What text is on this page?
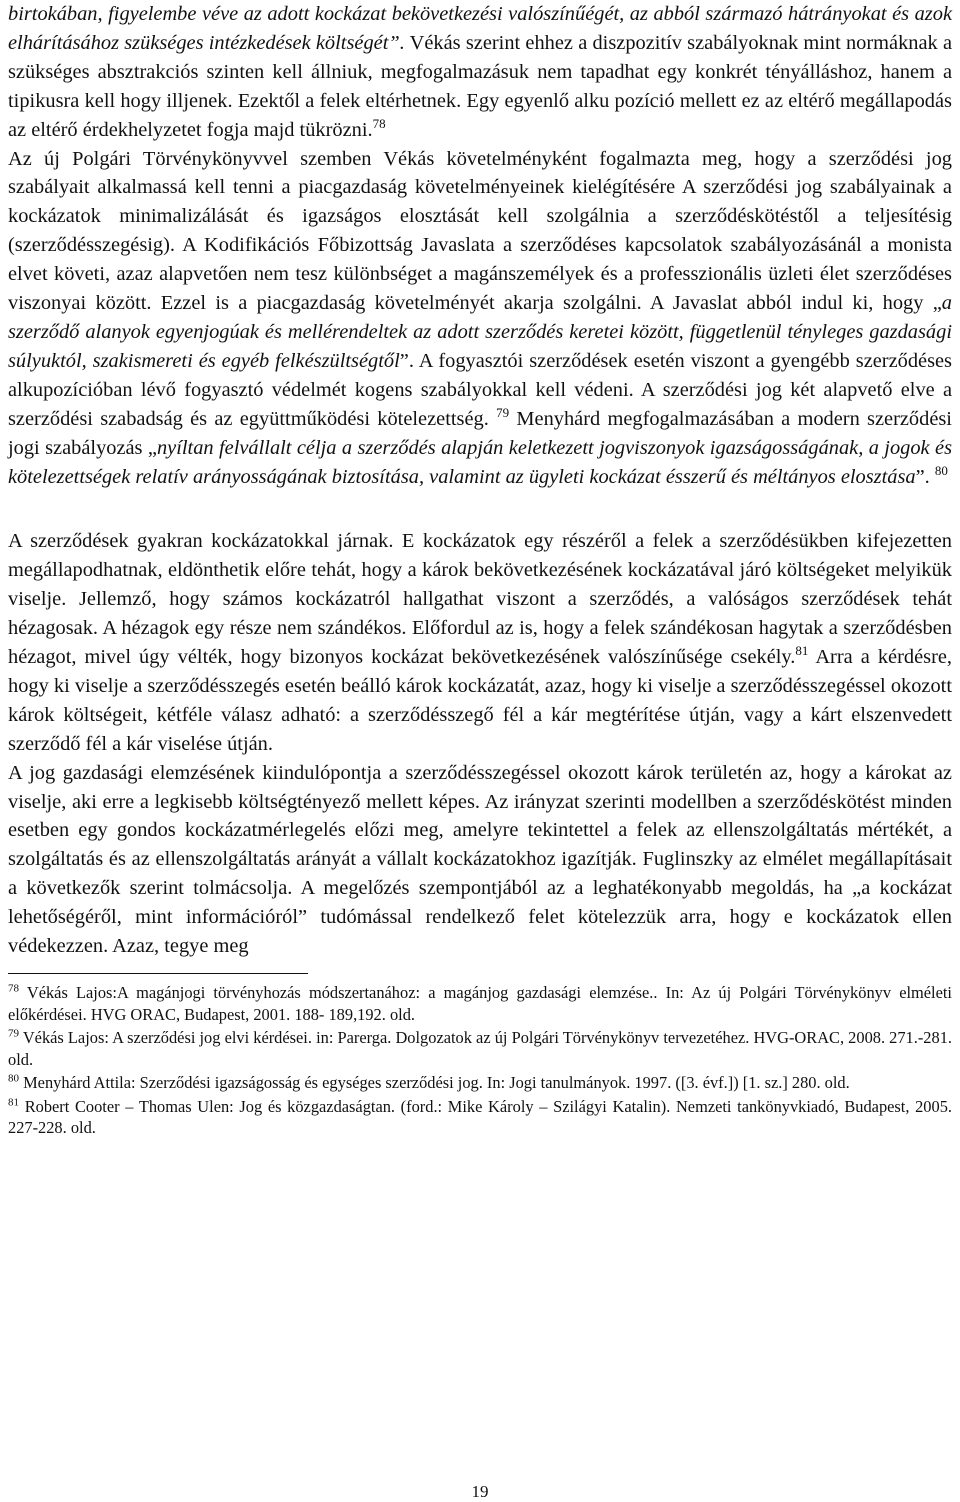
birtokában, figyelembe véve az adott kockázat bekövetkezési valószínűégét, az abból származó hátrányokat és azok elhárításához szükséges intézkedések költségét”. Vékás szerint ehhez a diszpozitív szabályoknak mint normáknak a szükséges absztrakciós szinten kell állniuk, megfogalmazásuk nem tapadhat egy konkrét tényálláshoz, hanem a tipikusra kell hogy illjenek. Ezektől a felek eltérhetnek. Egy egyenlő alku pozíció mellett ez az eltérő megállapodás az eltérő érdekhelyzetet fogja majd tükrözni.$^{78}$

Az új Polgári Törvénykönyvvel szemben Vékás követelményként fogalmazta meg, hogy a szerződési jog szabályait alkalmassá kell tenni a piacgazdaság követelményeinek kielégítésére A szerződési jog szabályainak a kockázatok minimalizálását és igazságos elosztását kell szolgálnia a szerződéskötéstől a teljesítésig (szerződésszegésig). A Kodifikációs Főbizottság Javaslata a szerződéses kapcsolatok szabályozásánál a monista elvet követi, azaz alapvetően nem tesz különbséget a magánszemélyek és a professzionális üzleti élet szerződéses viszonyai között. Ezzel is a piacgazdaság követelményét akarja szolgálni. A Javaslat abból indul ki, hogy „a szerződő alanyok egyenjogúak és mellérendeltek az adott szerződés keretei között, függetlenül tényleges gazdasági súlyuktól, szakismereti és egyéb felkészültségtől”. A fogyasztói szerződések esetén viszont a gyengébb szerződéses alkupozícióban lévő fogyasztó védelmét kogens szabályokkal kell védeni. A szerződési jog két alapvető elve a szerződési szabadság és az együttműködési kötelezettség. $^{79}$ Menyhárd megfogalmazásában a modern szerződési jogi szabályozás „nyíltan felvállalt célja a szerződés alapján keletkezett jogviszonyok igazságosságának, a jogok és kötelezettségek relatív arányosságának biztosítása, valamint az ügyleti kockázat ésszerű és méltányos elosztása”. $^{80}$

A szerződések gyakran kockázatokkal járnak. E kockázatok egy részéről a felek a szerződésükben kifejezetten megállapodhatnak, eldönthetik előre tehát, hogy a károk bekövetkezésének kockázatával járó költségeket melyikük viselje. Jellemző, hogy számos kockázatról hallgathat viszont a szerződés, a valóságos szerződések tehát hézagosak. A hézagok egy része nem szándékos. Előfordul az is, hogy a felek szándékosan hagytak a szerződésben hézagot, mivel úgy vélték, hogy bizonyos kockázat bekövetkezésének valószínűsége csekély.$^{81}$ Arra a kérdésre, hogy ki viselje a szerződésszegés esetén beálló károk kockázatát, azaz, hogy ki viselje a szerződésszegéssel okozott károk költségeit, kétféle válasz adható: a szerződésszegő fél a kár megtérítése útján, vagy a kárt elszenvedett szerződő fél a kár viselése útján.

A jog gazdasági elemzésének kiindulópontja a szerződésszegéssel okozott károk területén az, hogy a károkat az viselje, aki erre a legkisebb költségtényező mellett képes. Az irányzat szerinti modellben a szerződéskötést minden esetben egy gondos kockázatmérlegelés előzi meg, amelyre tekintettel a felek az ellenszolgáltatás mértékét, a szolgáltatás és az ellenszolgáltatás arányát a vállalt kockázatokhoz igazítják. Fuglinszky az elmélet megállapításait a következők szerint tolmácsolja. A megelőzés szempontjából az a leghatékonyabb megoldás, ha „a kockázat lehetőségéről, mint információról” tudómással rendelkező felet kötelezzük arra, hogy e kockázatok ellen védekezzen. Azaz, tegye meg

$^{78}$ Vékás Lajos:A magánjogi törvényhozás módszertanához: a magánjog gazdasági elemzése.. In: Az új Polgári Törvénykönyv elméleti előkérdései. HVG ORAC, Budapest, 2001. 188- 189,192. old.

$^{79}$ Vékás Lajos: A szerződési jog elvi kérdései. in: Parerga. Dolgozatok az új Polgári Törvénykönyv tervezetéhez. HVG-ORAC, 2008. 271.-281. old.

$^{80}$ Menyhárd Attila: Szerződési igazságosság és egységes szerződési jog. In: Jogi tanulmányok. 1997. ([3. évf.]) [1. sz.] 280. old.

$^{81}$ Robert Cooter – Thomas Ulen: Jog és közgazdaságtan. (ford.: Mike Károly – Szilágyi Katalin). Nemzeti tankönyvkiadó, Budapest, 2005. 227-228. old.

19
